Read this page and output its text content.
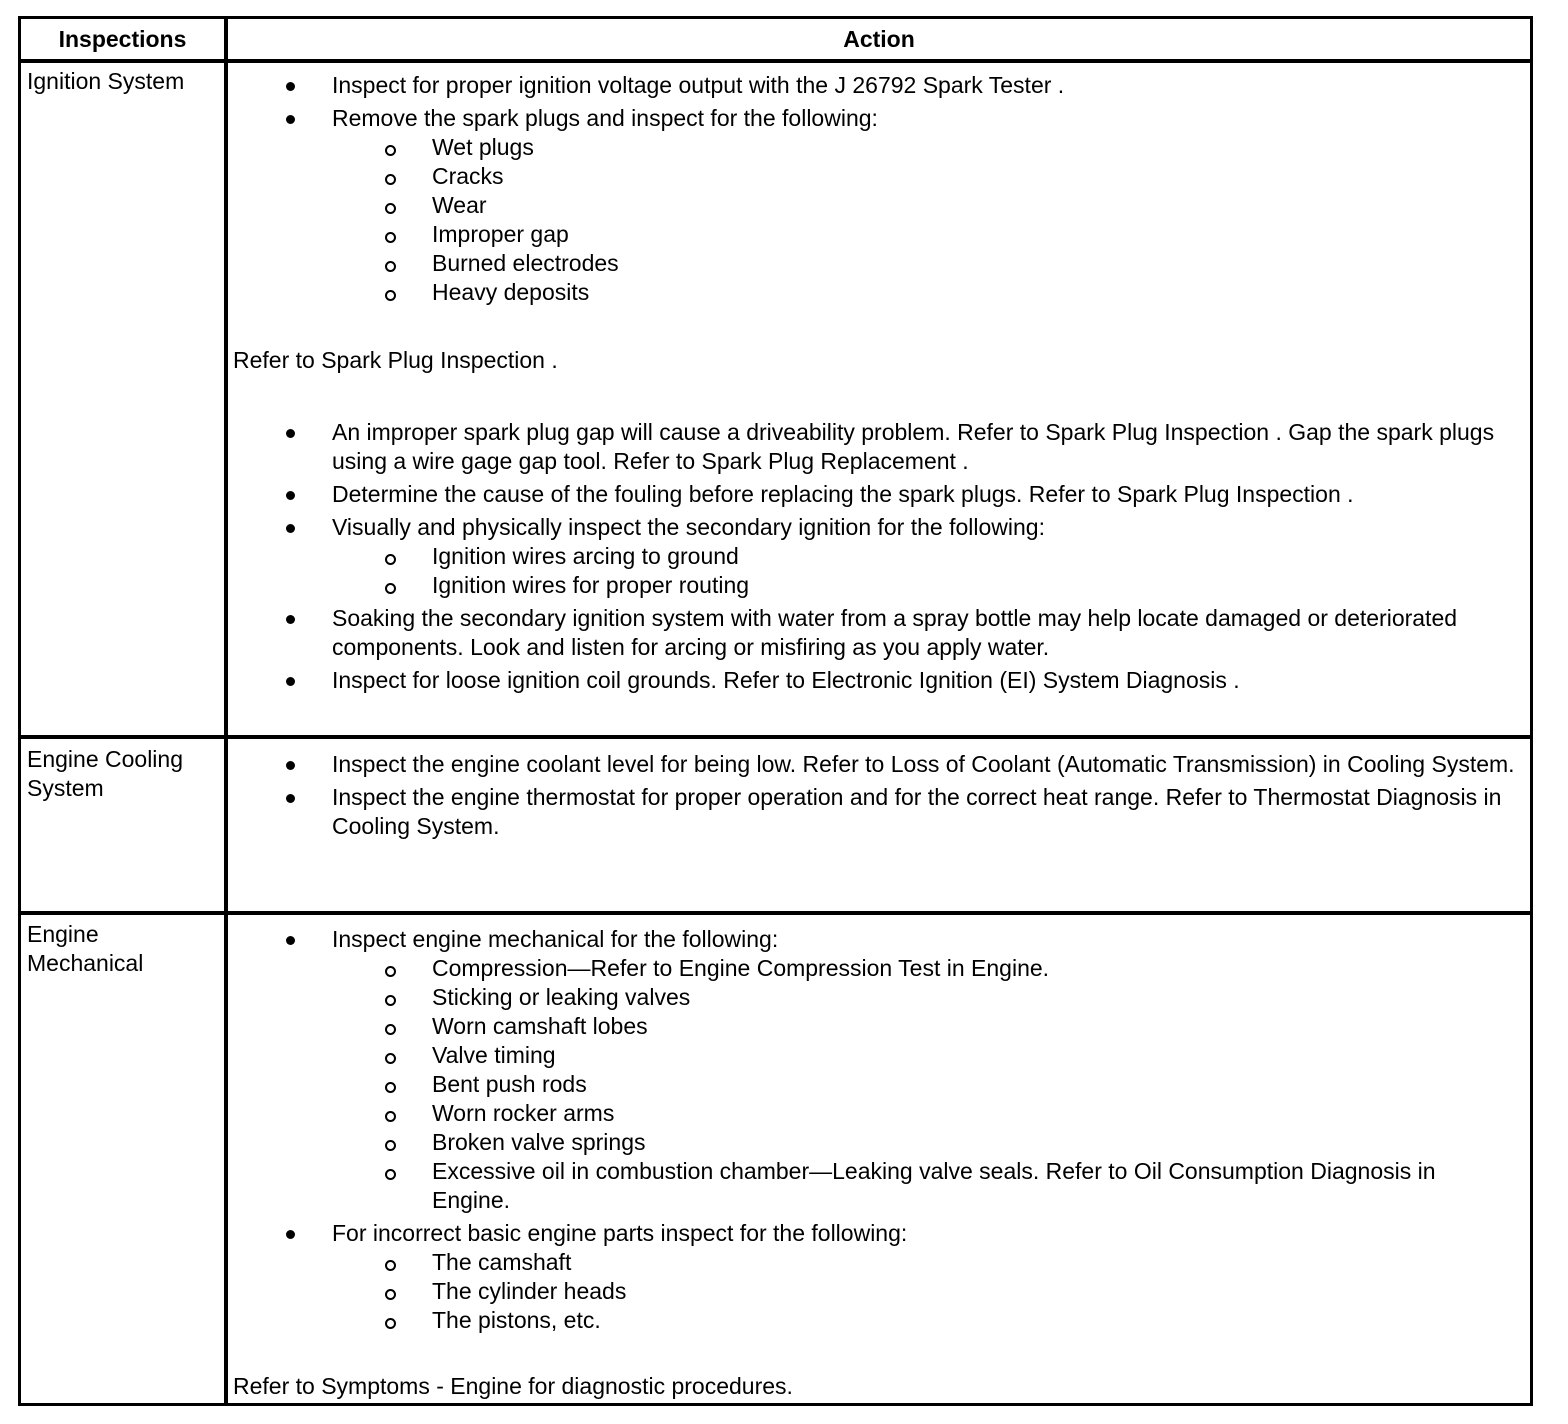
Inspections	Action
Ignition System	Inspect for proper ignition voltage output with the J 26792 Spark Tester .
Remove the spark plugs and inspect for the following:
Wet plugs
Cracks
Wear
Improper gap
Burned electrodes
Heavy deposits
Refer to Spark Plug Inspection .
An improper spark plug gap will cause a driveability problem. Refer to Spark Plug Inspection . Gap the spark plugs using a wire gage gap tool. Refer to Spark Plug Replacement .
Determine the cause of the fouling before replacing the spark plugs. Refer to Spark Plug Inspection .
Visually and physically inspect the secondary ignition for the following:
Ignition wires arcing to ground
Ignition wires for proper routing
Soaking the secondary ignition system with water from a spray bottle may help locate damaged or deteriorated components. Look and listen for arcing or misfiring as you apply water.
Inspect for loose ignition coil grounds. Refer to Electronic Ignition (EI) System Diagnosis .
Engine Cooling System
Inspect the engine coolant level for being low. Refer to Loss of Coolant (Automatic Transmission) in Cooling System.
Inspect the engine thermostat for proper operation and for the correct heat range. Refer to Thermostat Diagnosis in Cooling System.
Engine Mechanical
Inspect engine mechanical for the following:
Compression—Refer to Engine Compression Test in Engine.
Sticking or leaking valves
Worn camshaft lobes
Valve timing
Bent push rods
Worn rocker arms
Broken valve springs
Excessive oil in combustion chamber—Leaking valve seals. Refer to Oil Consumption Diagnosis in Engine.
For incorrect basic engine parts inspect for the following:
The camshaft
The cylinder heads
The pistons, etc.
Refer to Symptoms - Engine for diagnostic procedures.
